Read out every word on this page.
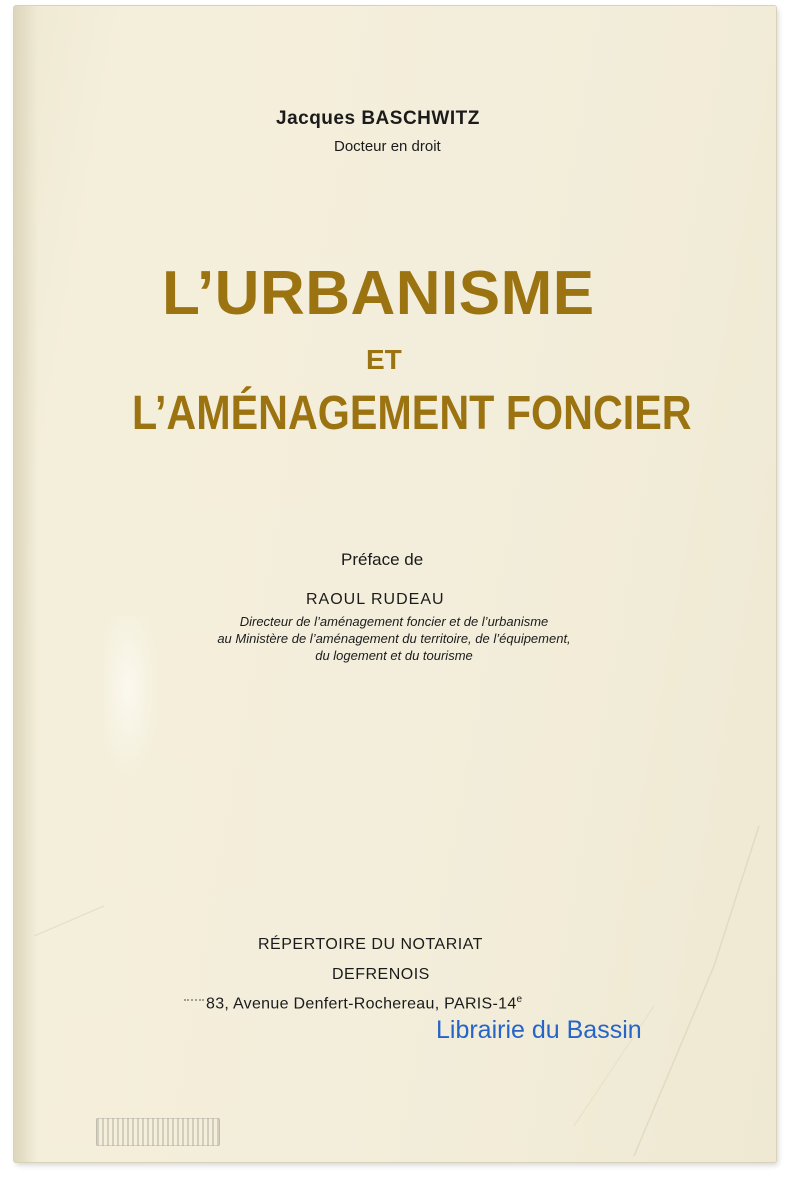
Jacques BASCHWITZ
Docteur en droit
L’URBANISME
ET
L’AMÉNAGEMENT FONCIER
Préface de
RAOUL RUDEAU
Directeur de l’aménagement foncier et de l’urbanisme
au Ministère de l’aménagement du territoire, de l’équipement,
du logement et du tourisme
RÉPERTOIRE DU NOTARIAT
DEFRENOIS
83, Avenue Denfert-Rochereau, PARIS-14e
Librairie du Bassin
